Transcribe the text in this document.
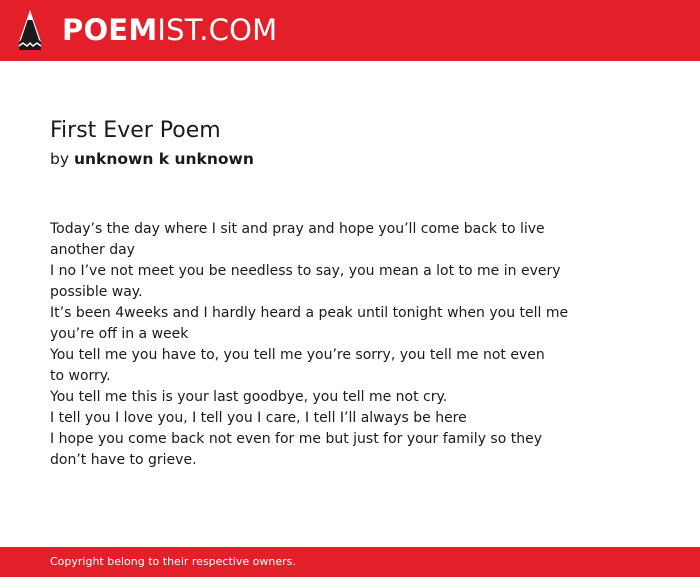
POEMIST.COM
First Ever Poem
by unknown k unknown
Today’s the day where I sit and pray and hope you’ll come back to live
another day
I no I’ve not meet you be needless to say, you mean a lot to me in every
possible way.
It’s been 4weeks and I hardly heard a peak until tonight when you tell me
you’re off in a week
You tell me you have to, you tell me you’re sorry, you tell me not even
to worry.
You tell me this is your last goodbye, you tell me not cry.
I tell you I love you, I tell you I care, I tell I’ll always be here
I hope you come back not even for me but just for your family so they
don’t have to grieve.
Copyright belong to their respective owners.
